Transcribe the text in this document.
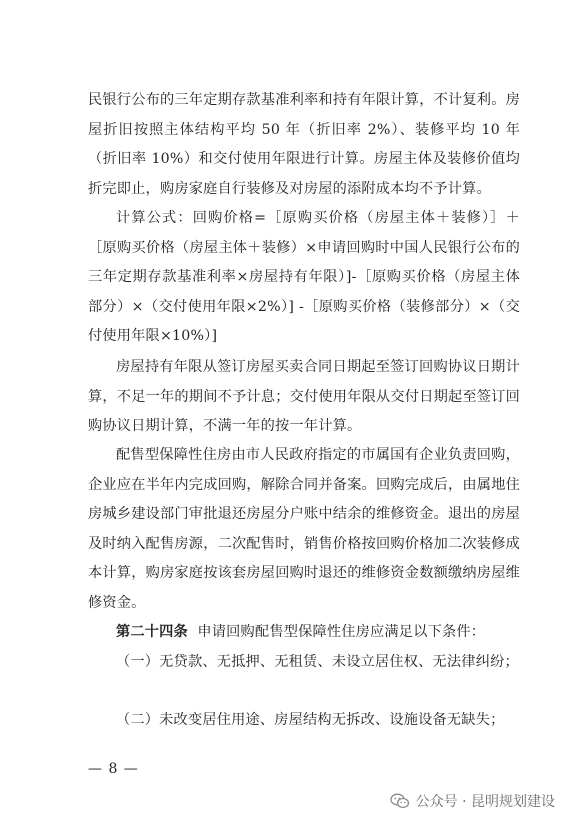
民银行公布的三年定期存款基准利率和持有年限计算，不计复利。房屋折旧按照主体结构平均 50 年（折旧率 2%）、装修平均 10 年（折旧率 10%）和交付使用年限进行计算。房屋主体及装修价值均折完即止，购房家庭自行装修及对房屋的添附成本均不予计算。

计算公式：回购价格=［原购买价格（房屋主体＋装修）］＋［原购买价格（房屋主体＋装修）×申请回购时中国人民银行公布的三年定期存款基准利率×房屋持有年限）]-［原购买价格（房屋主体部分）×（交付使用年限×2%）] -［原购买价格（装修部分）×（交付使用年限×10%）]

房屋持有年限从签订房屋买卖合同日期起至签订回购协议日期计算，不足一年的期间不予计息；交付使用年限从交付日期起至签订回购协议日期计算，不满一年的按一年计算。

配售型保障性住房由市人民政府指定的市属国有企业负责回购，企业应在半年内完成回购，解除合同并备案。回购完成后，由属地住房城乡建设部门审批退还房屋分户账中结余的维修资金。退出的房屋及时纳入配售房源，二次配售时，销售价格按回购价格加二次装修成本计算，购房家庭按该套房屋回购时退还的维修资金数额缴纳房屋维修资金。

第二十四条 申请回购配售型保障性住房应满足以下条件：

（一）无贷款、无抵押、无租赁、未设立居住权、无法律纠纷；

（二）未改变居住用途、房屋结构无拆改、设施设备无缺失；

— 8 —
公众号 · 昆明规划建设
